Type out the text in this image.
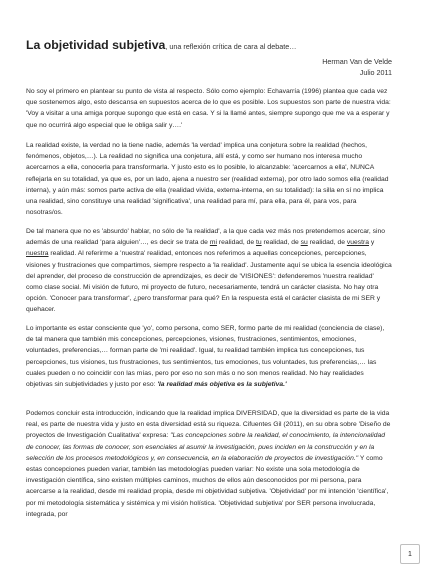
La objetividad subjetiva, una reflexión crítica de cara al debate…
Herman Van de Velde
Julio 2011

No soy el primero en plantear su punto de vista al respecto. Sólo como ejemplo: Echavarría (1996) plantea que cada vez que sostenemos algo, esto descansa en supuestos acerca de lo que es posible. Los supuestos son parte de nuestra vida: 'Voy a visitar a una amiga porque supongo que está en casa. Y si la llamé antes, siempre supongo que me va a esperar y que no ocurrirá algo especial que le obliga salir y….'

La realidad existe, la verdad no la tiene nadie, además 'la verdad' implica una conjetura sobre la realidad (hechos, fenómenos, objetos,…). La realidad no significa una conjetura, allí está, y como ser humano nos interesa mucho acercarnos a ella, conocerla para transformarla. Y justo esto es lo posible, lo alcanzable: 'acercarnos a ella', NUNCA reflejarla en su totalidad, ya que es, por un lado, ajena a nuestro ser (realidad externa), por otro lado somos ella (realidad interna), y aún más: somos parte activa de ella (realidad vivida, externa-interna, en su totalidad): la silla en sí no implica una realidad, sino constituye una realidad 'significativa', una realidad para mí, para ella, para él, para vos, para nosotras/os.

De tal manera que no es 'absurdo' hablar, no sólo de 'la realidad', a la que cada vez más nos pretendemos acercar, sino además de una realidad 'para alguien'…, es decir se trata de mi realidad, de tu realidad, de su realidad, de vuestra y nuestra realidad. Al referirme a 'nuestra' realidad, entonces nos referimos a aquellas concepciones, percepciones, visiones y frustraciones que compartimos, siempre respecto a 'la realidad'. Justamente aquí se ubica la esencia ideológica del aprender, del proceso de construcción de aprendizajes, es decir de 'VISIONES': defenderemos 'nuestra realidad' como clase social. Mi visión de futuro, mi proyecto de futuro, necesariamente, tendrá un carácter clasista. No hay otra opción. 'Conocer para transformar', ¿pero transformar para qué? En la respuesta está el carácter clasista de mi SER y quehacer.

Lo importante es estar consciente que 'yo', como persona, como SER, formo parte de mi realidad (conciencia de clase), de tal manera que también mis concepciones, percepciones, visiones, frustraciones, sentimientos, emociones, voluntades, preferencias,… forman parte de 'mi realidad'. Igual, tu realidad también implica tus concepciones, tus percepciones, tus visiones, tus frustraciones, tus sentimientos, tus emociones, tus voluntades, tus preferencias,… las cuales pueden o no coincidir con las mías, pero por eso no son más o no son menos realidad. No hay realidades objetivas sin subjetividades y justo por eso: 'la realidad más objetiva es la subjetiva.'

Podemos concluir esta introducción, indicando que la realidad implica DIVERSIDAD, que la diversidad es parte de la vida real, es parte de nuestra vida y justo en esta diversidad está su riqueza. Cifuentes Gil (2011), en su obra sobre 'Diseño de proyectos de Investigación Cualitativa' expresa: "Las concepciones sobre la realidad, el conocimiento, la intencionalidad de conocer, las formas de conocer, son esenciales al asumir la investigación, pues inciden en la construcción y en la selección de los procesos metodológicos y, en consecuencia, en la elaboración de proyectos de investigación." Y como estas concepciones pueden variar, también las metodologías pueden variar: No existe una sola metodología de investigación científica, sino existen múltiples caminos, muchos de ellos aún desconocidos por mi persona, para acercarse a la realidad, desde mi realidad propia, desde mi objetividad subjetiva. 'Objetividad' por mi intención 'científica', por mi metodología sistemática y sistémica y mi visión holística. 'Objetividad subjetiva' por SER persona involucrada, integrada, por

1
